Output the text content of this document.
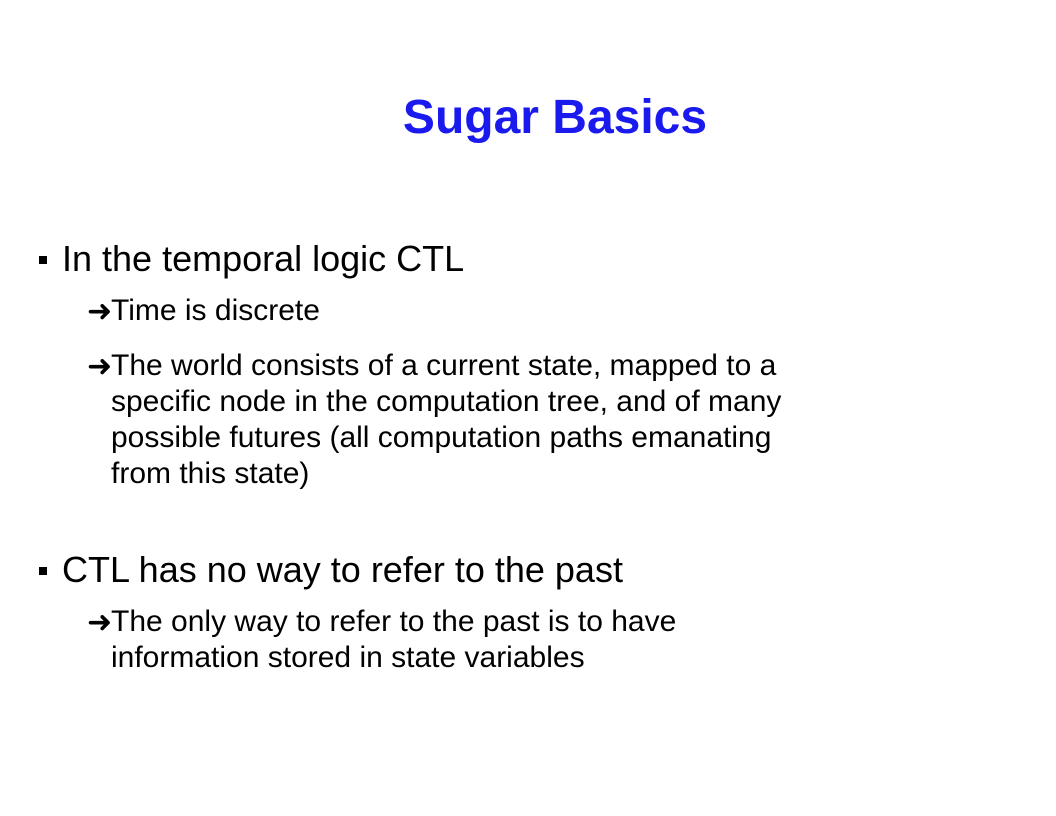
Sugar Basics
In the temporal logic CTL
➜
Time is discrete
➜
The world consists of a current state, mapped to a
specific node in the computation tree, and of many
possible futures (all computation paths emanating
from this state)
CTL has no way to refer to the past
➜
The only way to refer to the past is to have
information stored in state variables
